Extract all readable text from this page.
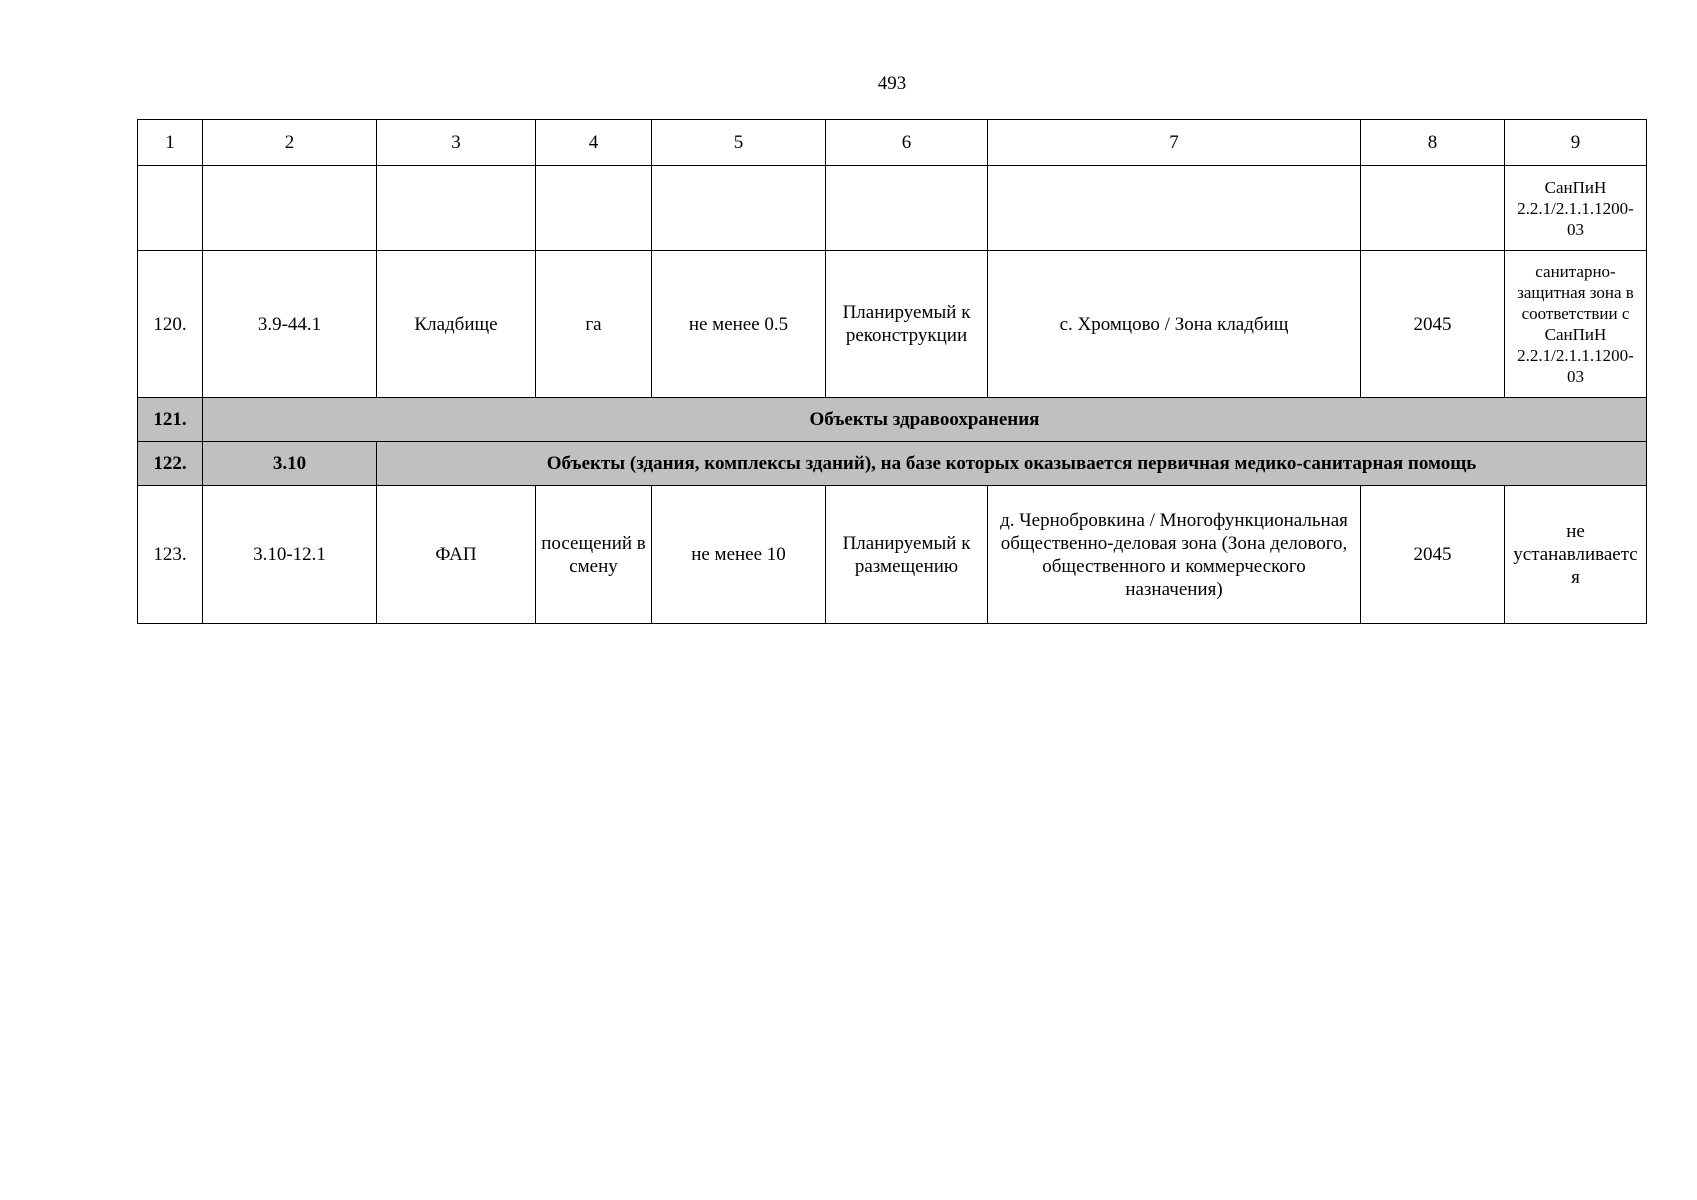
493
1	2	3	4	5	6	7	8	9
								СанПиН 2.2.1/2.1.1.1200-03
120.	3.9-44.1	Кладбище	га	не менее 0.5	Планируемый к реконструкции	с. Хромцово / Зона кладбищ	2045	санитарно-защитная зона в соответствии с СанПиН 2.2.1/2.1.1.1200-03
121.	Объекты здравоохранения							
122.	3.10	Объекты (здания, комплексы зданий), на базе которых оказывается первичная медико-санитарная помощь						
123.	3.10-12.1	ФАП	посещений в смену	не менее 10	Планируемый к размещению	д. Чернобровкина / Многофункциональная общественно-деловая зона (Зона делового, общественного и коммерческого назначения)	2045	не устанавливается
